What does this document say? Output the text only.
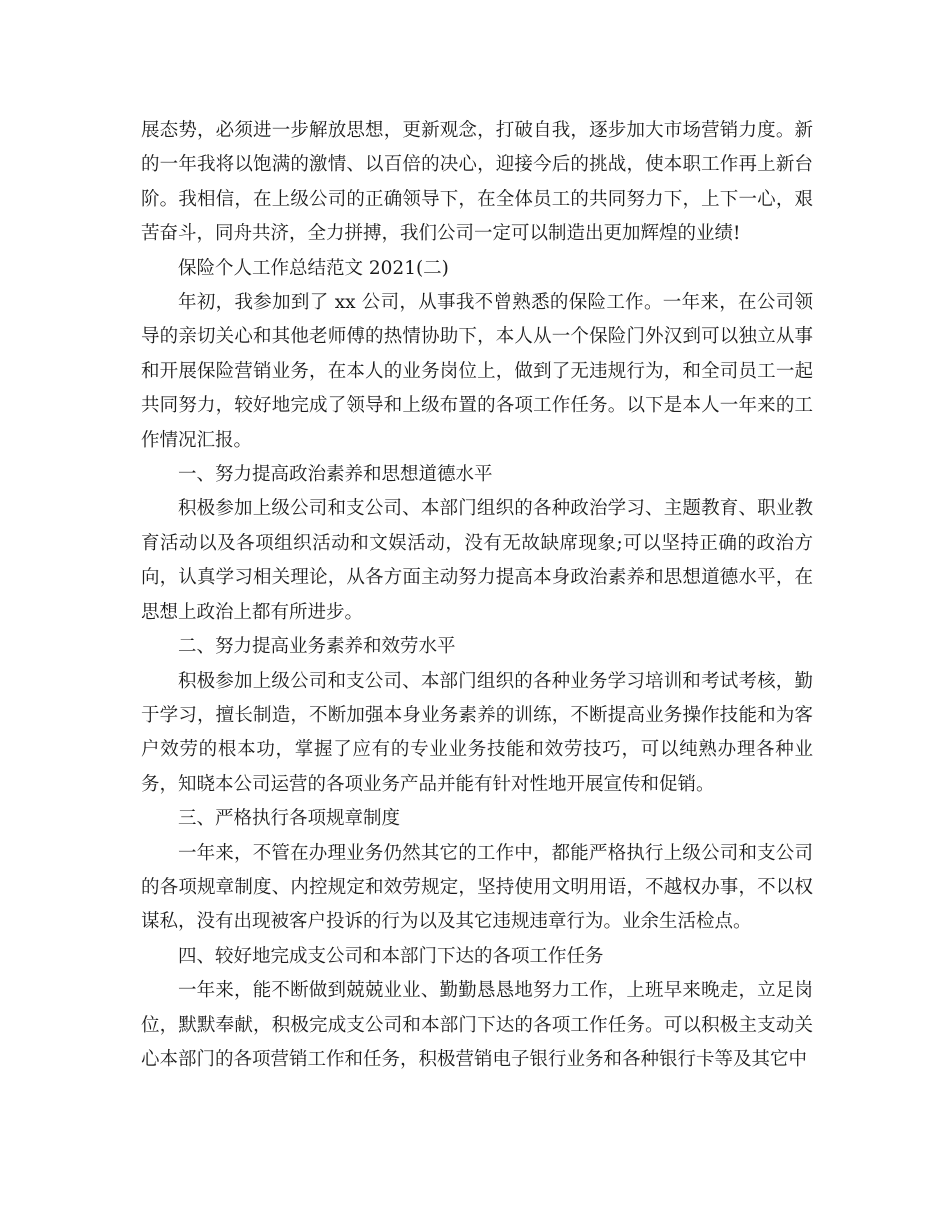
展态势，必须进一步解放思想，更新观念，打破自我，逐步加大市场营销力度。新的一年我将以饱满的激情、以百倍的决心，迎接今后的挑战，使本职工作再上新台阶。我相信，在上级公司的正确领导下，在全体员工的共同努力下，上下一心，艰苦奋斗，同舟共济，全力拼搏，我们公司一定可以制造出更加辉煌的业绩!

保险个人工作总结范文 2021(二)

年初，我参加到了 xx 公司，从事我不曾熟悉的保险工作。一年来，在公司领导的亲切关心和其他老师傅的热情协助下，本人从一个保险门外汉到可以独立从事和开展保险营销业务，在本人的业务岗位上，做到了无违规行为，和全司员工一起共同努力，较好地完成了领导和上级布置的各项工作任务。以下是本人一年来的工作情况汇报。

一、努力提高政治素养和思想道德水平

积极参加上级公司和支公司、本部门组织的各种政治学习、主题教育、职业教育活动以及各项组织活动和文娱活动，没有无故缺席现象;可以坚持正确的政治方向，认真学习相关理论，从各方面主动努力提高本身政治素养和思想道德水平，在思想上政治上都有所进步。

二、努力提高业务素养和效劳水平

积极参加上级公司和支公司、本部门组织的各种业务学习培训和考试考核，勤于学习，擅长制造，不断加强本身业务素养的训练，不断提高业务操作技能和为客户效劳的根本功，掌握了应有的专业业务技能和效劳技巧，可以纯熟办理各种业务，知晓本公司运营的各项业务产品并能有针对性地开展宣传和促销。

三、严格执行各项规章制度

一年来，不管在办理业务仍然其它的工作中，都能严格执行上级公司和支公司的各项规章制度、内控规定和效劳规定，坚持使用文明用语，不越权办事，不以权谋私，没有出现被客户投诉的行为以及其它违规违章行为。业余生活检点。

四、较好地完成支公司和本部门下达的各项工作任务

一年来，能不断做到兢兢业业、勤勤恳恳地努力工作，上班早来晚走，立足岗位，默默奉献，积极完成支公司和本部门下达的各项工作任务。可以积极主支动关心本部门的各项营销工作和任务，积极营销电子银行业务和各种银行卡等及其它中
